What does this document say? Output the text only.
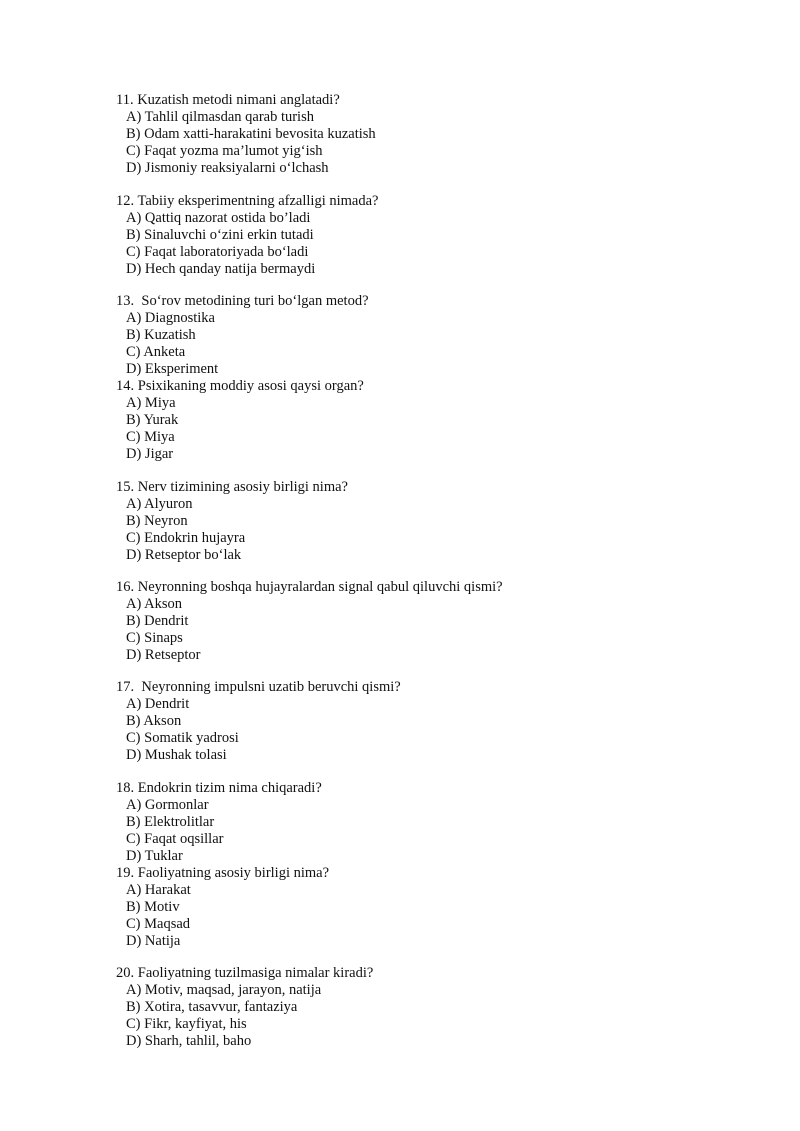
11. Kuzatish metodi nimani anglatadi?
A) Tahlil qilmasdan qarab turish
B) Odam xatti-harakatini bevosita kuzatish
C) Faqat yozma ma’lumot yig‘ish
D) Jismoniy reaksiyalarni o‘lchash
12. Tabiiy eksperimentning afzalligi nimada?
A) Qattiq nazorat ostida bo’ladi
B) Sinaluvchi o‘zini erkin tutadi
C) Faqat laboratoriyada bo‘ladi
D) Hech qanday natija bermaydi
13.  So‘rov metodining turi bo‘lgan metod?
A) Diagnostika
B) Kuzatish
C) Anketa
D) Eksperiment
14. Psixikaning moddiy asosi qaysi organ?
A) Miya
B) Yurak
C) Miya
D) Jigar
15. Nerv tizimining asosiy birligi nima?
A) Alyuron
B) Neyron
C) Endokrin hujayra
D) Retseptor bo‘lak
16. Neyronning boshqa hujayralardan signal qabul qiluvchi qismi?
A) Akson
B) Dendrit
C) Sinaps
D) Retseptor
17.  Neyronning impulsni uzatib beruvchi qismi?
A) Dendrit
B) Akson
C) Somatik yadrosi
D) Mushak tolasi
18. Endokrin tizim nima chiqaradi?
A) Gormonlar
B) Elektrolitlar
C) Faqat oqsillar
D) Tuklar
19. Faoliyatning asosiy birligi nima?
A) Harakat
B) Motiv
C) Maqsad
D) Natija
20. Faoliyatning tuzilmasiga nimalar kiradi?
A) Motiv, maqsad, jarayon, natija
B) Xotira, tasavvur, fantaziya
C) Fikr, kayfiyat, his
D) Sharh, tahlil, baho
